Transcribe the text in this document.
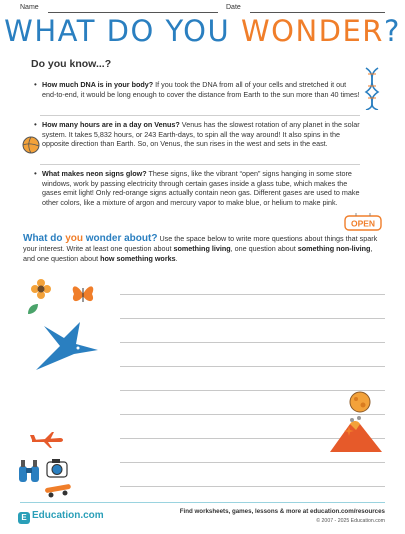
Name	Date
WHAT DO YOU WONDER?
Do you know...?
• How much DNA is in your body? If you took the DNA from all of your cells and stretched it out end-to-end, it would be long enough to cover the distance from Earth to the sun more than 40 times!
• How many hours are in a day on Venus? Venus has the slowest rotation of any planet in the solar system. It takes 5,832 hours, or 243 Earth-days, to spin all the way around! It also spins in the opposite direction than Earth. So, on Venus, the sun rises in the west and sets in the east.
• What makes neon signs glow? These signs, like the vibrant “open” signs hanging in some store windows, work by passing electricity through certain gases inside a glass tube, which makes the gases emit light! Only red-orange signs actually contain neon gas. Different gases are used to make other colors, like a mixture of argon and mercury vapor to make blue, or helium to make pink.
OPEN
What do you wonder about? Use the space below to write more questions about things that spark your interest. Write at least one question about something living, one question about something non-living, and one question about how something works.
E Education.com	Find worksheets, games, lessons & more at education.com/resources
© 2007 - 2025 Education.com
